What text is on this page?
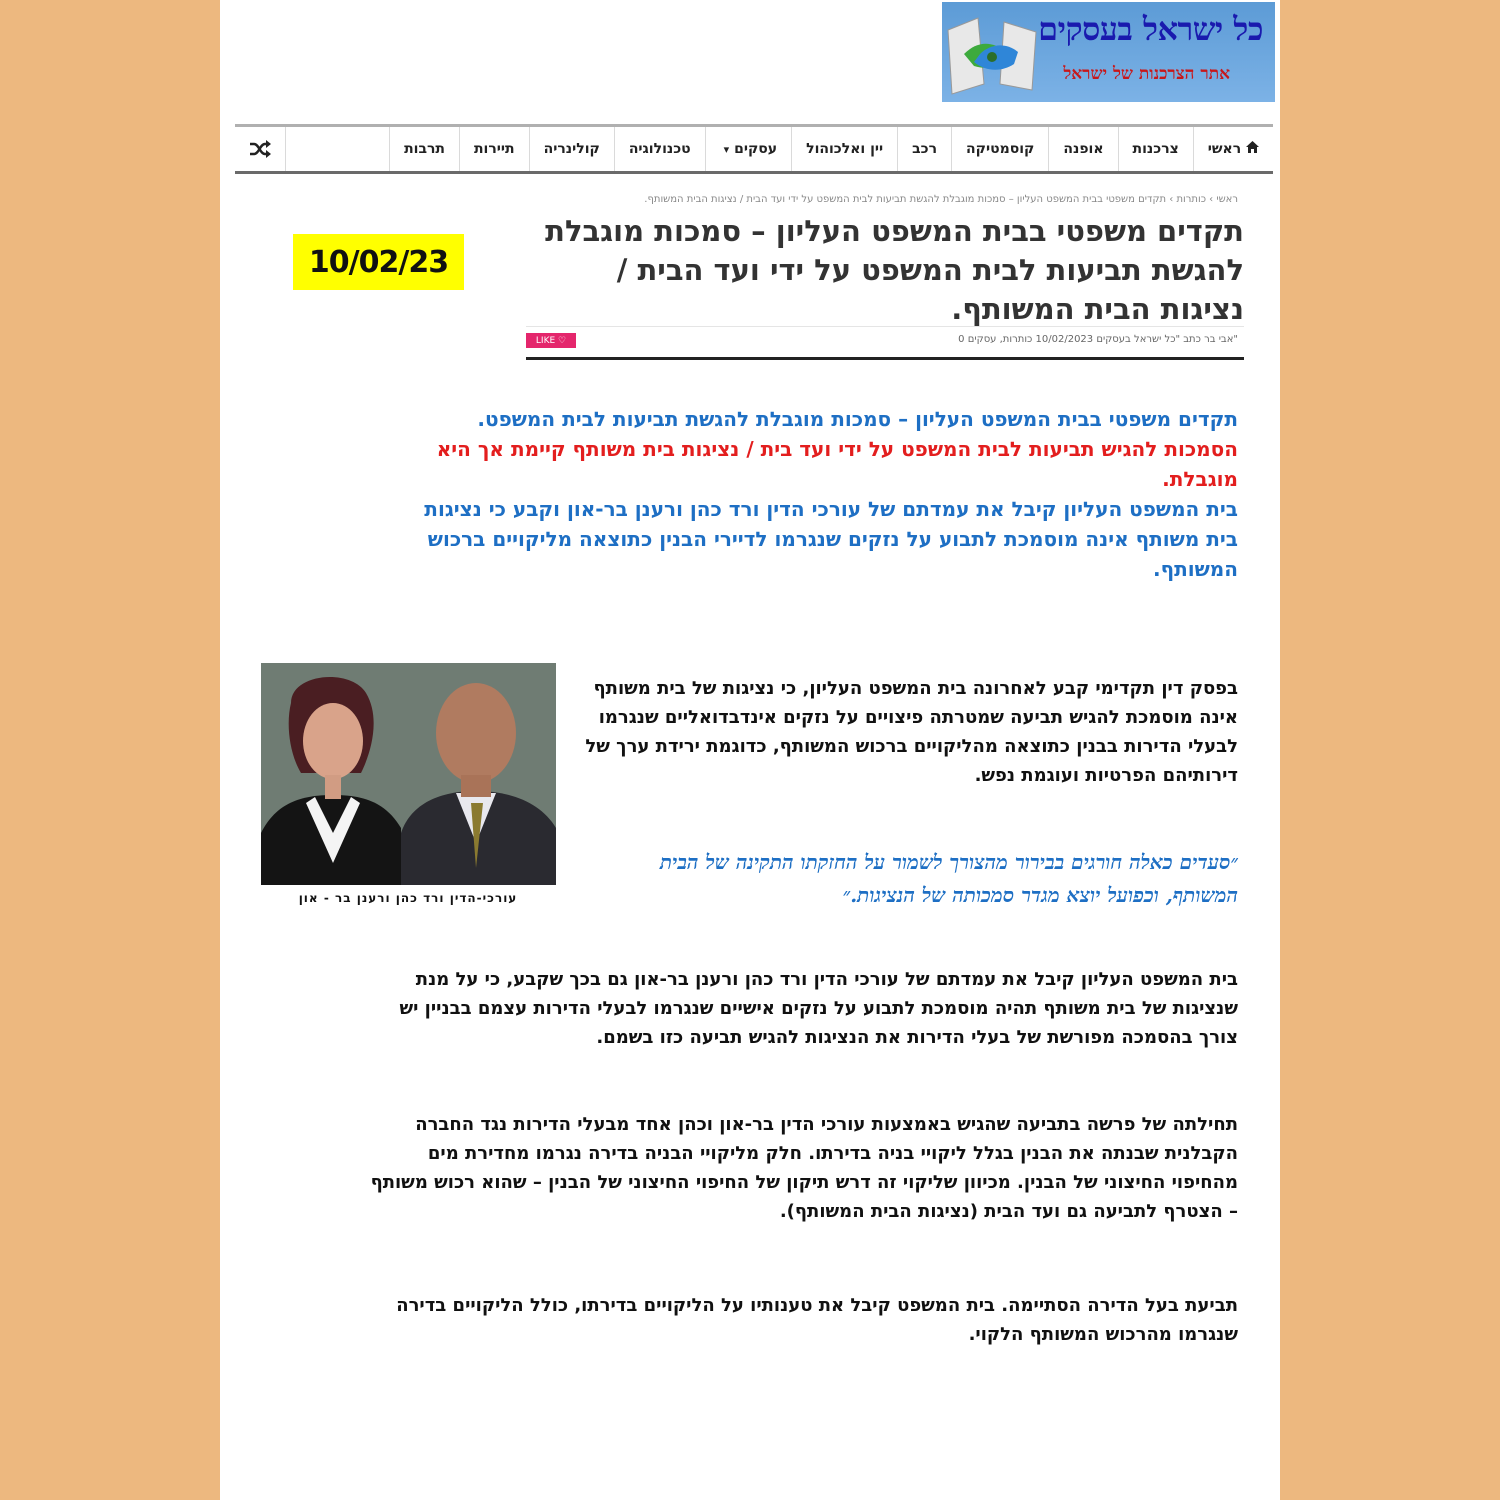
כל ישראל בעסקים
אתר הצרכנות של ישראל

ראשי
צרכנות
אופנה
קוסמטיקה
רכב
יין ואלכוהול
עסקים

▾
טכנולוגיה
קולינריה
תיירות
תרבות
ראשי › כותרות › תקדים משפטי בבית המשפט העליון – סמכות מוגבלת להגשת תביעות לבית המשפט על ידי ועד הבית / נציגות הבית המשותף.
תקדים משפטי בבית המשפט העליון – סמכות מוגבלת להגשת תביעות לבית המשפט על ידי ועד הבית / נציגות הבית המשותף.
10/02/23
"אבי בר כתב "כל ישראל בעסקים 10/02/2023 כותרות, עסקים 0
LIKE ♡

תקדים משפטי בבית המשפט העליון – סמכות מוגבלת להגשת תביעות לבית המשפט.

הסמכות להגיש תביעות לבית המשפט על ידי ועד בית / נציגות בית משותף קיימת אך היא מוגבלת.

בית המשפט העליון קיבל את עמדתם של עורכי הדין ורד כהן ורענן בר-און וקבע כי נציגות בית משותף אינה מוסמכת לתבוע על נזקים שנגרמו לדיירי הבנין כתוצאה מליקויים ברכוש המשותף.

בפסק דין תקדימי קבע לאחרונה בית המשפט העליון, כי נציגות של בית משותף אינה מוסמכת להגיש תביעה שמטרתה פיצויים על נזקים אינדבדואליים שנגרמו לבעלי הדירות בבנין כתוצאה מהליקויים ברכוש המשותף, כדוגמת ירידת ערך של דירותיהם הפרטיות ועוגמת נפש.

״סעדים כאלה חורגים בבירור מהצורך לשמור על החזקתו התקינה של הבית המשותף, וכפועל יוצא מגדר סמכותה של הנציגות.״

עורכי-הדין ורד כהן ורענן בר - און

בית המשפט העליון קיבל את עמדתם של עורכי הדין ורד כהן ורענן בר-און גם בכך שקבע, כי על מנת שנציגות של בית משותף תהיה מוסמכת לתבוע על נזקים אישיים שנגרמו לבעלי הדירות עצמם בבניין יש צורך בהסמכה מפורשת של בעלי הדירות את הנציגות להגיש תביעה כזו בשמם.

תחילתה של פרשה בתביעה שהגיש באמצעות עורכי הדין בר-און וכהן אחד מבעלי הדירות נגד החברה הקבלנית שבנתה את הבנין בגלל ליקויי בניה בדירתו. חלק מליקויי הבניה בדירה נגרמו מחדירת מים מהחיפוי החיצוני של הבנין. מכיוון שליקוי זה דרש תיקון של החיפוי החיצוני של הבנין – שהוא רכוש משותף – הצטרף לתביעה גם ועד הבית (נציגות הבית המשותף).

תביעת בעל הדירה הסתיימה. בית המשפט קיבל את טענותיו על הליקויים בדירתו, כולל הליקויים בדירה שנגרמו מהרכוש המשותף הלקוי.
